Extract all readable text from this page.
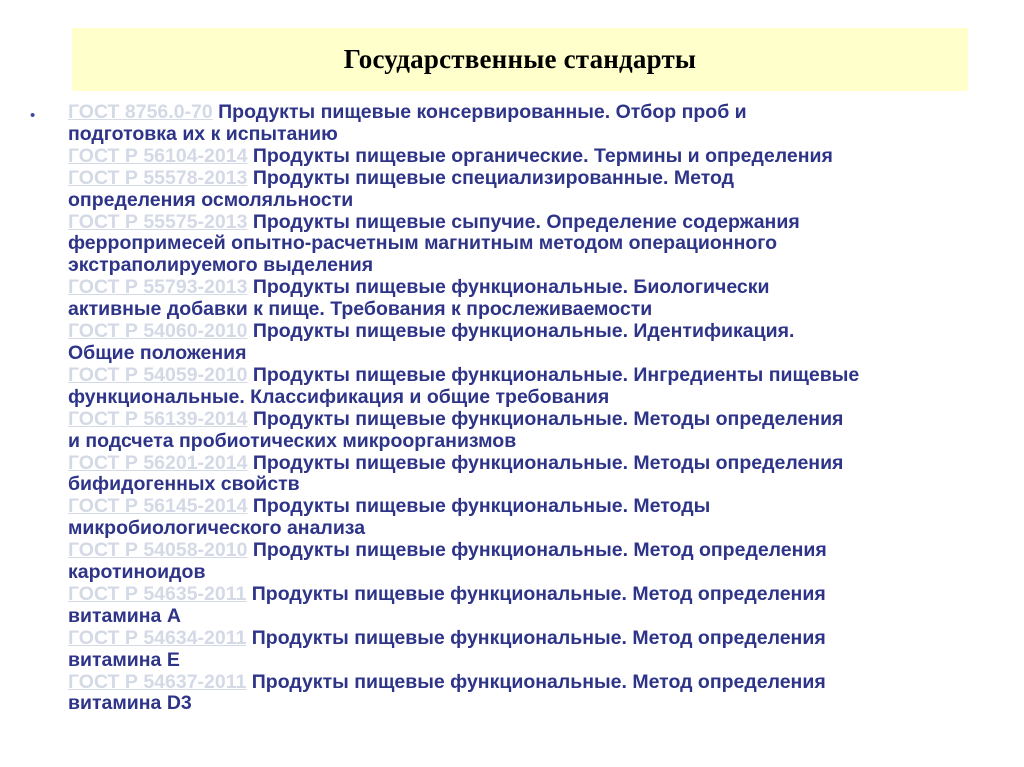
Государственные стандарты
• ГОСТ 8756.0-70 Продукты пищевые консервированные. Отбор проб и
подготовка их к испытанию
ГОСТ Р 56104-2014 Продукты пищевые органические. Термины и определения
ГОСТ Р 55578-2013 Продукты пищевые специализированные. Метод
определения осмоляльности
ГОСТ Р 55575-2013 Продукты пищевые сыпучие. Определение содержания
ферропримесей опытно-расчетным магнитным методом операционного
экстраполируемого выделения
ГОСТ Р 55793-2013 Продукты пищевые функциональные. Биологически
активные добавки к пище. Требования к прослеживаемости
ГОСТ Р 54060-2010 Продукты пищевые функциональные. Идентификация.
Общие положения
ГОСТ Р 54059-2010 Продукты пищевые функциональные. Ингредиенты пищевые
функциональные. Классификация и общие требования
ГОСТ Р 56139-2014 Продукты пищевые функциональные. Методы определения
и подсчета пробиотических микроорганизмов
ГОСТ Р 56201-2014 Продукты пищевые функциональные. Методы определения
бифидогенных свойств
ГОСТ Р 56145-2014 Продукты пищевые функциональные. Методы
микробиологического анализа
ГОСТ Р 54058-2010 Продукты пищевые функциональные. Метод определения
каротиноидов
ГОСТ Р 54635-2011 Продукты пищевые функциональные. Метод определения
витамина А
ГОСТ Р 54634-2011 Продукты пищевые функциональные. Метод определения
витамина Е
ГОСТ Р 54637-2011 Продукты пищевые функциональные. Метод определения
витамина D3
